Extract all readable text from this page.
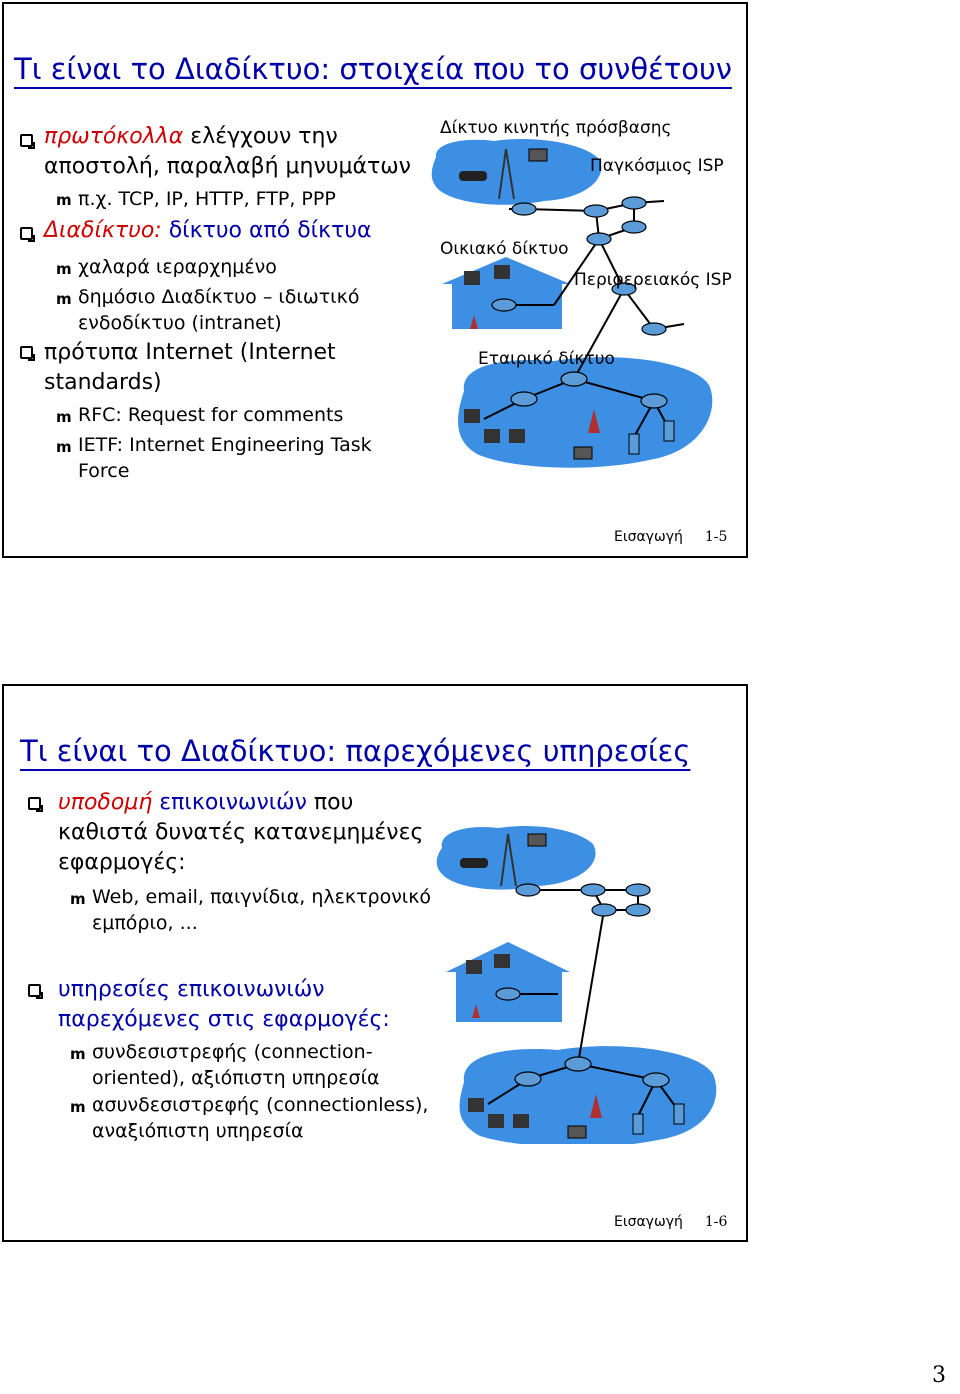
Τι είναι το Διαδίκτυο: στοιχεία που το συνθέτουν
πρωτόκολλα ελέγχουν την
αποστολή, παραλαβή μηνυμάτων
m π.χ. TCP, IP, HTTP, FTP, PPP
Διαδίκτυο: δίκτυο από δίκτυα
m χαλαρά ιεραρχημένο
m δημόσιο Διαδίκτυο – ιδιωτικό
ενδοδίκτυο (intranet)
πρότυπα Internet (Internet
standards)
m RFC: Request for comments
m IETF: Internet Engineering Task
Force
Δίκτυο κινητής πρόσβασης
Παγκόσμιος ISP
Οικιακό δίκτυο
Περιφερειακός ISP
Εταιρικό δίκτυο
Εισαγωγή 1-5
Τι είναι το Διαδίκτυο: παρεχόμενες υπηρεσίες
υποδομή επικοινωνιών που
καθιστά δυνατές κατανεμημένες
εφαρμογές:
m Web, email, παιγνίδια, ηλεκτρονικό
εμπόριο, ...
υπηρεσίες επικοινωνιών
παρεχόμενες στις εφαρμογές:
m συνδεσιστρεφής (connection-
oriented), αξιόπιστη υπηρεσία
m ασυνδεσιστρεφής (connectionless),
αναξιόπιστη υπηρεσία
Εισαγωγή 1-6
3
